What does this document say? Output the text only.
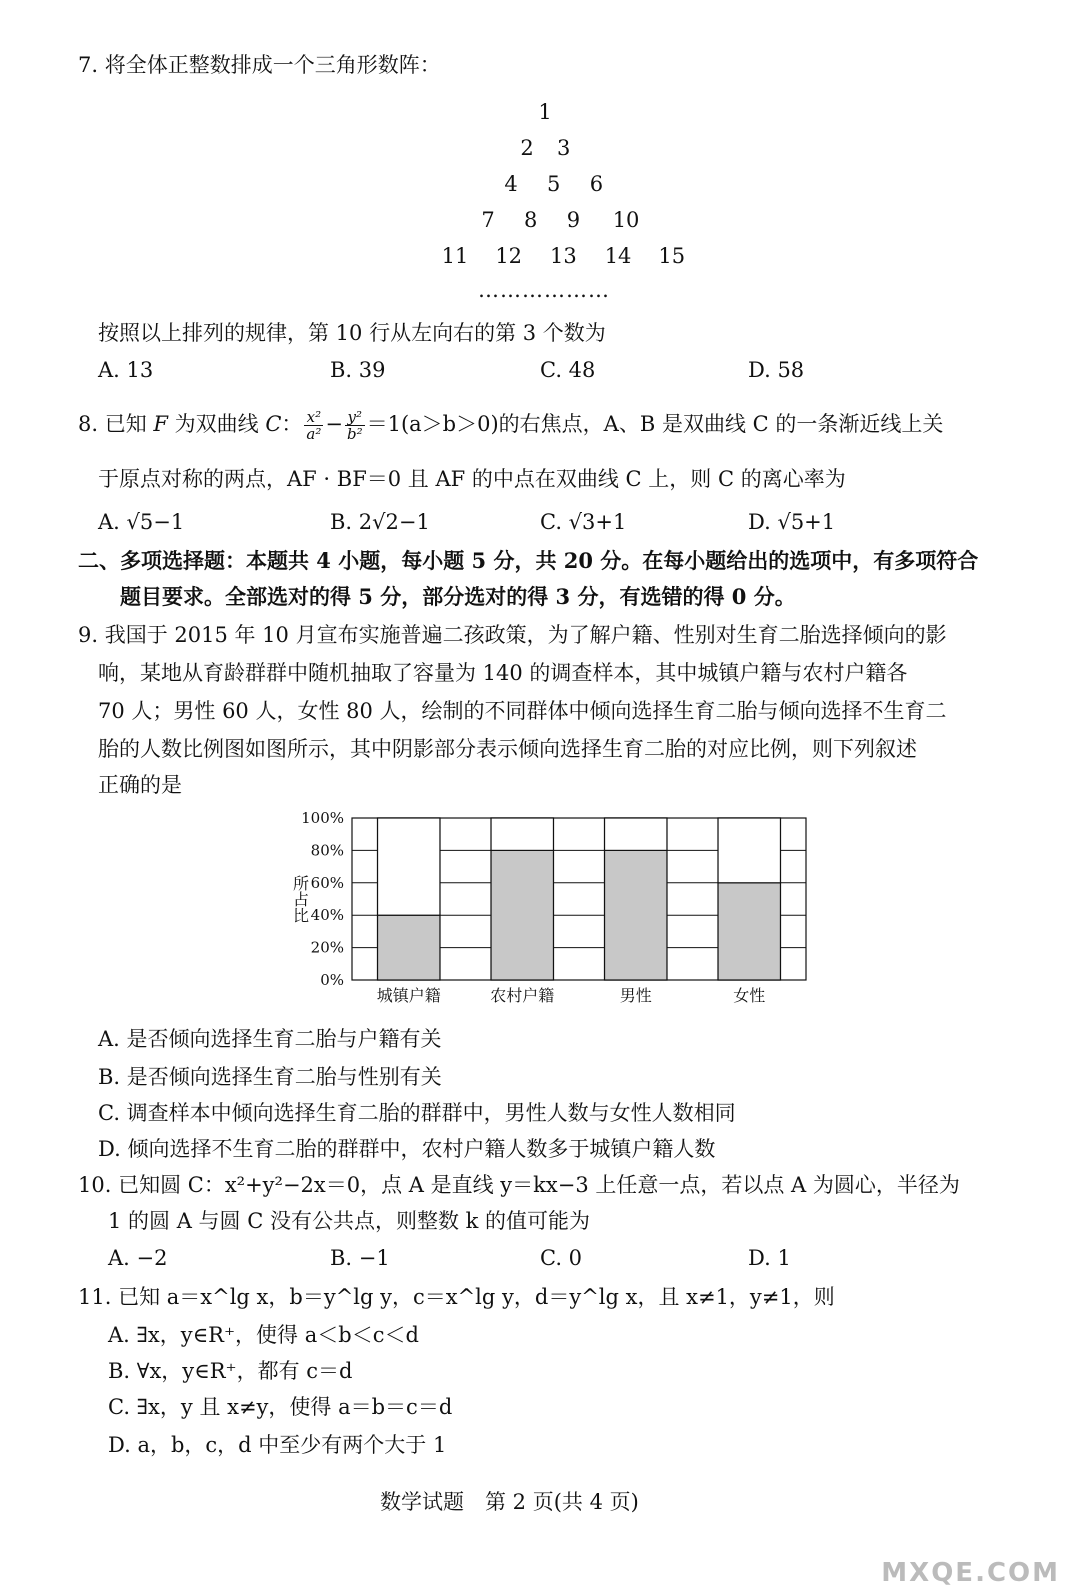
7. 将全体正整数排成一个三角形数阵：
1
2 3
4 5 6
7 8 9 10
11 12 13 14 15
………………
按照以上排列的规律，第 10 行从左向右的第 3 个数为
A. 13	B. 39	C. 48	D. 58
8. 已知 F 为双曲线 C： $\frac{\text{x²}}{\text{a²}} - \frac{\text{y²}}{\text{b²}} =1(a>b>0)$的右焦点，A、B 是双曲线 C 的一条渐近线上关
于原点对称的两点，AF · BF＝0 且 AF 的中点在双曲线 C 上，则 C 的离心率为
A. √5−1	B. 2√2−1	C. √3+1	D. √5+1
二、多项选择题：本题共 4 小题，每小题 5 分，共 20 分。在每小题给出的选项中，有多项符合
题目要求。全部选对的得 5 分，部分选对的得 3 分，有选错的得 0 分。
9. 我国于 2015 年 10 月宣布实施普遍二孩政策，为了解户籍、性别对生育二胎选择倾向的影
响，某地从育龄群群中随机抽取了容量为 140 的调查样本，其中城镇户籍与农村户籍各
70 人；男性 60 人，女性 80 人，绘制的不同群体中倾向选择生育二胎与倾向选择不生育二
胎的人数比例图如图所示，其中阴影部分表示倾向选择生育二胎的对应比例，则下列叙述
正确的是
0%
20%
40%
60%
80%
100%
城镇户籍	农村户籍	男性	女性
所占比
A. 是否倾向选择生育二胎与户籍有关
B. 是否倾向选择生育二胎与性别有关
C. 调查样本中倾向选择生育二胎的群群中，男性人数与女性人数相同
D. 倾向选择不生育二胎的群群中，农村户籍人数多于城镇户籍人数
10. 已知圆 C：x²+y²−2x＝0，点 A 是直线 y＝kx−3 上任意一点，若以点 A 为圆心，半径为
1 的圆 A 与圆 C 没有公共点，则整数 k 的值可能为
A. −2	B. −1	C. 0	D. 1
11. 已知 a＝x^lg x，b＝y^lg y，c＝x^lg y，d＝y^lg x，且 x≠1，y≠1，则
A. ∃x，y∈R⁺，使得 a＜b＜c＜d
B. ∀x，y∈R⁺，都有 c＝d
C. ∃x，y 且 x≠y，使得 a＝b＝c＝d
D. a，b，c，d 中至少有两个大于 1
数学试题　第 2 页(共 4 页)
MXQE.COM
